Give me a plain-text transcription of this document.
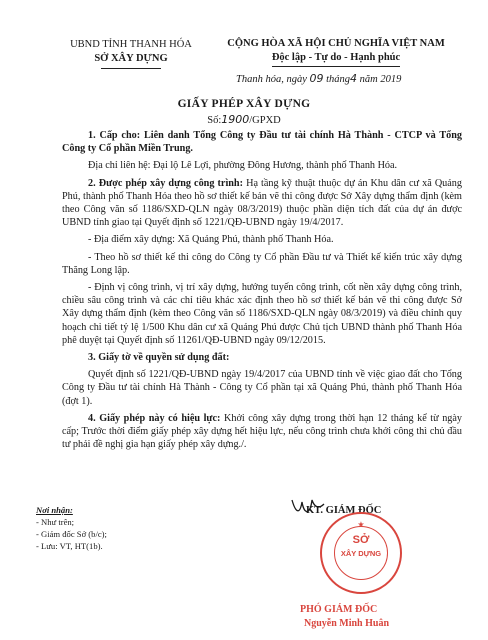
UBND TỈNH THANH HÓA
SỞ XÂY DỰNG
CỘNG HÒA XÃ HỘI CHỦ NGHĨA VIỆT NAM
Độc lập - Tự do - Hạnh phúc
Thanh hóa, ngày 09 tháng4 năm 2019
GIẤY PHÉP XÂY DỰNG
Số:1900/GPXD

1. Cấp cho: Liên danh Tổng Công ty Đầu tư tài chính Hà Thành - CTCP và Tổng Công ty Cổ phần Miền Trung.

Địa chỉ liên hệ: Đại lộ Lê Lợi, phường Đông Hương, thành phố Thanh Hóa.

2. Được phép xây dựng công trình: Hạ tầng kỹ thuật thuộc dự án Khu dân cư xã Quảng Phú, thành phố Thanh Hóa theo hồ sơ thiết kế bản vẽ thi công được Sở Xây dựng thẩm định (kèm theo Công văn số 1186/SXD-QLN ngày 08/3/2019) thuộc phần diện tích đất của dự án được UBND tỉnh giao tại Quyết định số 1221/QĐ-UBND ngày 19/4/2017.

- Địa điểm xây dựng: Xã Quảng Phú, thành phố Thanh Hóa.

- Theo hồ sơ thiết kế thi công do Công ty Cổ phần Đầu tư và Thiết kế kiến trúc xây dựng Thăng Long lập.

- Định vị công trình, vị trí xây dựng, hướng tuyến công trình, cốt nền xây dựng công trình, chiều sâu công trình và các chỉ tiêu khác xác định theo hồ sơ thiết kế bản vẽ thi công được Sở Xây dựng thẩm định (kèm theo Công văn số 1186/SXD-QLN ngày 08/3/2019) và điều chỉnh quy hoạch chi tiết tỷ lệ 1/500 Khu dân cư xã Quảng Phú được Chủ tịch UBND thành phố Thanh Hóa phê duyệt tại Quyết định số 11261/QĐ-UBND ngày 09/12/2015.

3. Giấy tờ về quyền sử dụng đất:

Quyết định số 1221/QĐ-UBND ngày 19/4/2017 của UBND tỉnh về việc giao đất cho Tổng Công ty Đầu tư tài chính Hà Thành - Công ty Cổ phần tại xã Quảng Phú, thành phố Thanh Hóa (đợt 1).

4. Giấy phép này có hiệu lực: Khởi công xây dựng trong thời hạn 12 tháng kể từ ngày cấp; Trước thời điểm giấy phép xây dựng hết hiệu lực, nếu công trình chưa khởi công thì chủ đầu tư phải đề nghị gia hạn giấy phép xây dựng./.

Nơi nhận:
- Như trên;
- Giám đốc Sở (b/c);
- Lưu: VT, HT(1b).
KT. GIÁM ĐỐC
★
SỞ
XÂY DỰNG
PHÓ GIÁM ĐỐC
Nguyễn Minh Huân
